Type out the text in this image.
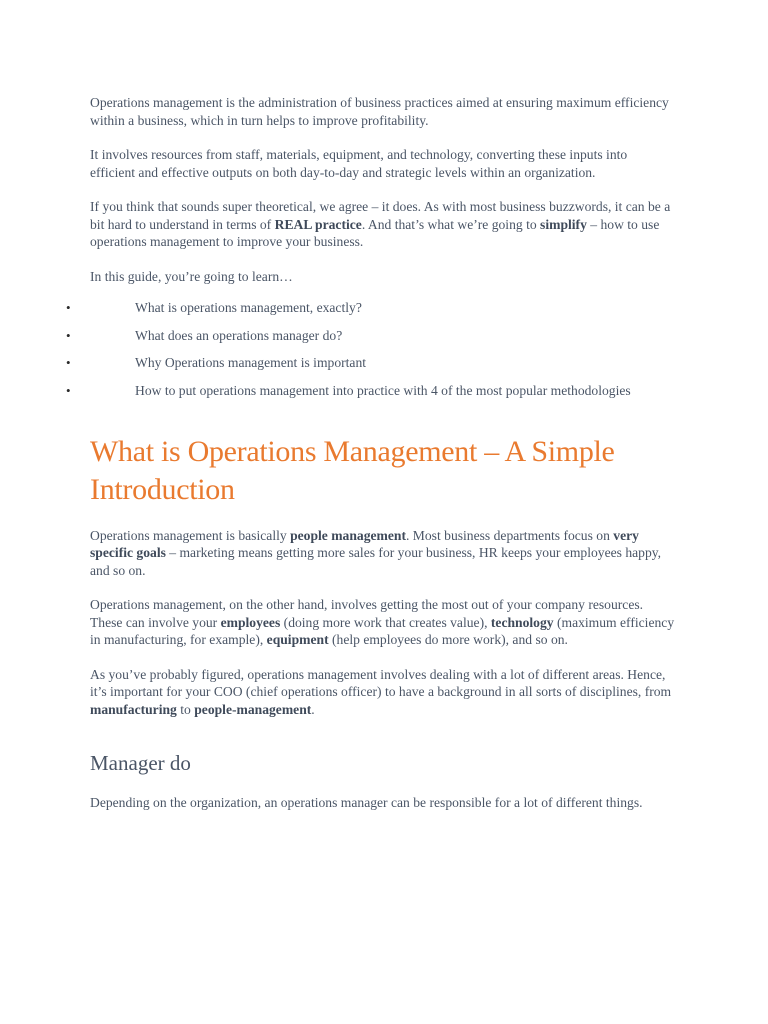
Operations management is the administration of business practices aimed at ensuring maximum efficiency within a business, which in turn helps to improve profitability.

It involves resources from staff, materials, equipment, and technology, converting these inputs into efficient and effective outputs on both day-to-day and strategic levels within an organization.

If you think that sounds super theoretical, we agree – it does. As with most business buzzwords, it can be a bit hard to understand in terms of REAL practice. And that’s what we’re going to simplify – how to use operations management to improve your business.

In this guide, you’re going to learn…

•	What is operations management, exactly?
•	What does an operations manager do?
•	Why Operations management is important
•	How to put operations management into practice with 4 of the most popular methodologies
What is Operations Management – A Simple Introduction

Operations management is basically people management. Most business departments focus on very specific goals – marketing means getting more sales for your business, HR keeps your employees happy, and so on.

Operations management, on the other hand, involves getting the most out of your company resources. These can involve your employees (doing more work that creates value), technology (maximum efficiency in manufacturing, for example), equipment (help employees do more work), and so on.

As you’ve probably figured, operations management involves dealing with a lot of different areas. Hence, it’s important for your COO (chief operations officer) to have a background in all sorts of disciplines, from manufacturing to people-management.

Manager do

Depending on the organization, an operations manager can be responsible for a lot of different things.
